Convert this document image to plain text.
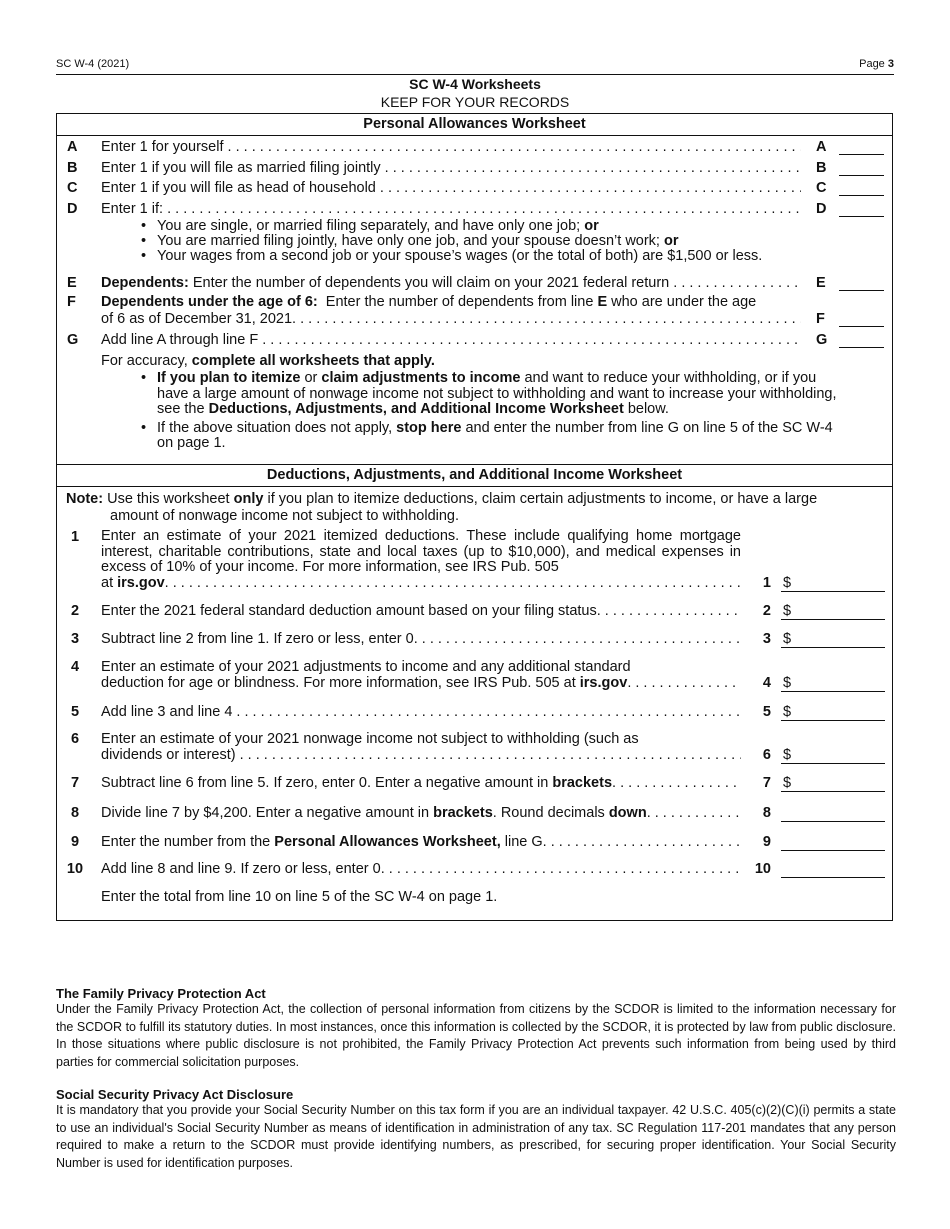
SC W-4 (2021)	Page 3
SC W-4 Worksheets
KEEP FOR YOUR RECORDS
Personal Allowances Worksheet
A Enter 1 for yourself . . .	A
B Enter 1 if you will file as married filing jointly . . .	B
C Enter 1 if you will file as head of household . . .	C
D Enter 1 if: . . .	D
• You are single, or married filing separately, and have only one job; or
• You are married filing jointly, have only one job, and your spouse doesn’t work; or
• Your wages from a second job or your spouse’s wages (or the total of both) are $1,500 or less.
E Dependents: Enter the number of dependents you will claim on your 2021 federal return . . .	E
F Dependents under the age of 6: Enter the number of dependents from line E who are under the age
of 6 as of December 31, 2021. . . .	F
G Add line A through line F . . .	G
For accuracy, complete all worksheets that apply.
• If you plan to itemize or claim adjustments to income and want to reduce your withholding, or if you have a large amount of nonwage income not subject to withholding and want to increase your withholding, see the Deductions, Adjustments, and Additional Income Worksheet below.
• If the above situation does not apply, stop here and enter the number from line G on line 5 of the SC W-4 on page 1.
Deductions, Adjustments, and Additional Income Worksheet
Note: Use this worksheet only if you plan to itemize deductions, claim certain adjustments to income, or have a large
amount of nonwage income not subject to withholding.
1	Enter an estimate of your 2021 itemized deductions. These include qualifying home mortgage interest, charitable contributions, state and local taxes (up to $10,000), and medical expenses in excess of 10% of your income. For more information, see IRS Pub. 505
at irs.gov. . . .	1 $
2	Enter the 2021 federal standard deduction amount based on your filing status. . . .	2 $
3	Subtract line 2 from line 1. If zero or less, enter 0. . . .	3 $
4	Enter an estimate of your 2021 adjustments to income and any additional standard
deduction for age or blindness. For more information, see IRS Pub. 505 at irs.gov. . . .	4 $
5	Add line 3 and line 4 . . .	5 $
6	Enter an estimate of your 2021 nonwage income not subject to withholding (such as
dividends or interest) . . .	6 $
7	Subtract line 6 from line 5. If zero, enter 0. Enter a negative amount in brackets. . . .	7 $
8	Divide line 7 by $4,200. Enter a negative amount in brackets. Round decimals down. . . .	8
9	Enter the number from the Personal Allowances Worksheet, line G. . . .	9
10 Add line 8 and line 9. If zero or less, enter 0. . . .	10
Enter the total from line 10 on line 5 of the SC W-4 on page 1.
The Family Privacy Protection Act
Under the Family Privacy Protection Act, the collection of personal information from citizens by the SCDOR is limited to the information necessary for the SCDOR to fulfill its statutory duties. In most instances, once this information is collected by the SCDOR, it is protected by law from public disclosure. In those situations where public disclosure is not prohibited, the Family Privacy Protection Act prevents such information from being used by third parties for commercial solicitation purposes.
Social Security Privacy Act Disclosure
It is mandatory that you provide your Social Security Number on this tax form if you are an individual taxpayer. 42 U.S.C. 405(c)(2)(C)(i) permits a state to use an individual's Social Security Number as means of identification in administration of any tax. SC Regulation 117-201 mandates that any person required to make a return to the SCDOR must provide identifying numbers, as prescribed, for securing proper identification. Your Social Security Number is used for identification purposes.
